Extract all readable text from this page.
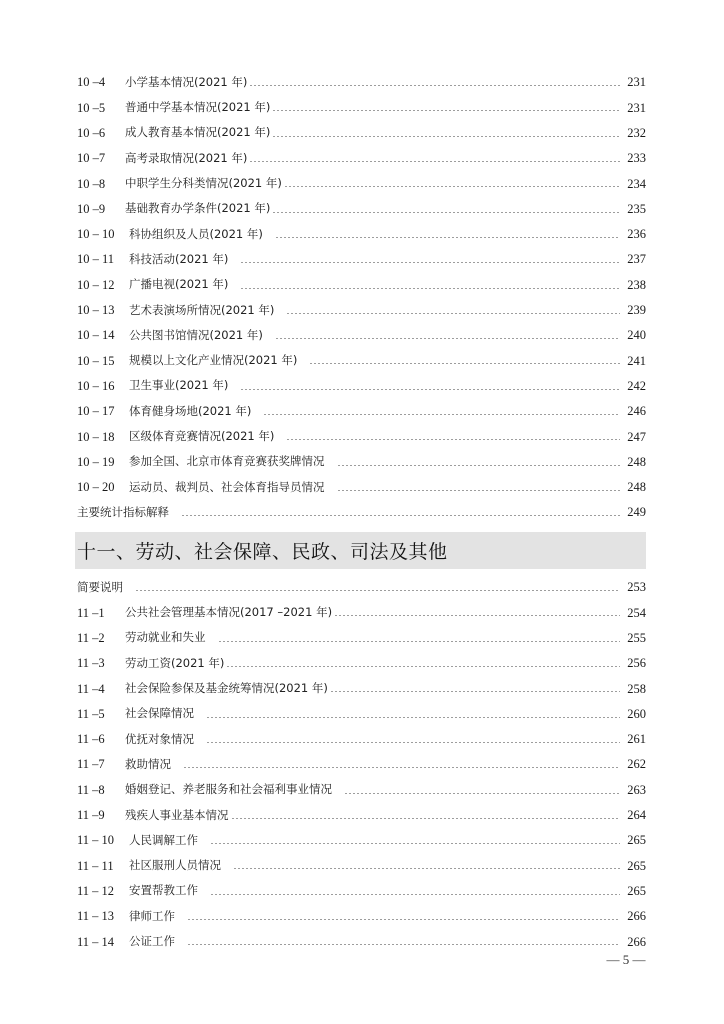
10 –4	小学基本情况(2021 年)	231
10 –5	普通中学基本情况(2021 年)	231
10 –6	成人教育基本情况(2021 年)	232
10 –7	高考录取情况(2021 年)	233
10 –8	中职学生分科类情况(2021 年)	234
10 –9	基础教育办学条件(2021 年)	235
10 – 10	科协组织及人员(2021 年)	236
10 – 11	科技活动(2021 年)	237
10 – 12	广播电视(2021 年)	238
10 – 13	艺术表演场所情况(2021 年)	239
10 – 14	公共图书馆情况(2021 年)	240
10 – 15	规模以上文化产业情况(2021 年)	241
10 – 16	卫生事业(2021 年)	242
10 – 17	体育健身场地(2021 年)	246
10 – 18	区级体育竞赛情况(2021 年)	247
10 – 19	参加全国、北京市体育竞赛获奖牌情况	248
10 – 20	运动员、裁判员、社会体育指导员情况	248
主要统计指标解释	249
十一、劳动、社会保障、民政、司法及其他
简要说明	253
11 –1	公共社会管理基本情况(2017 –2021 年)	254
11 –2	劳动就业和失业	255
11 –3	劳动工资(2021 年)	256
11 –4	社会保险参保及基金统筹情况(2021 年)	258
11 –5	社会保障情况	260
11 –6	优抚对象情况	261
11 –7	救助情况	262
11 –8	婚姻登记、养老服务和社会福利事业情况	263
11 –9	残疾人事业基本情况	264
11 – 10	人民调解工作	265
11 – 11	社区服刑人员情况	265
11 – 12	安置帮教工作	265
11 – 13	律师工作	266
11 – 14	公证工作	266
— 5 —
